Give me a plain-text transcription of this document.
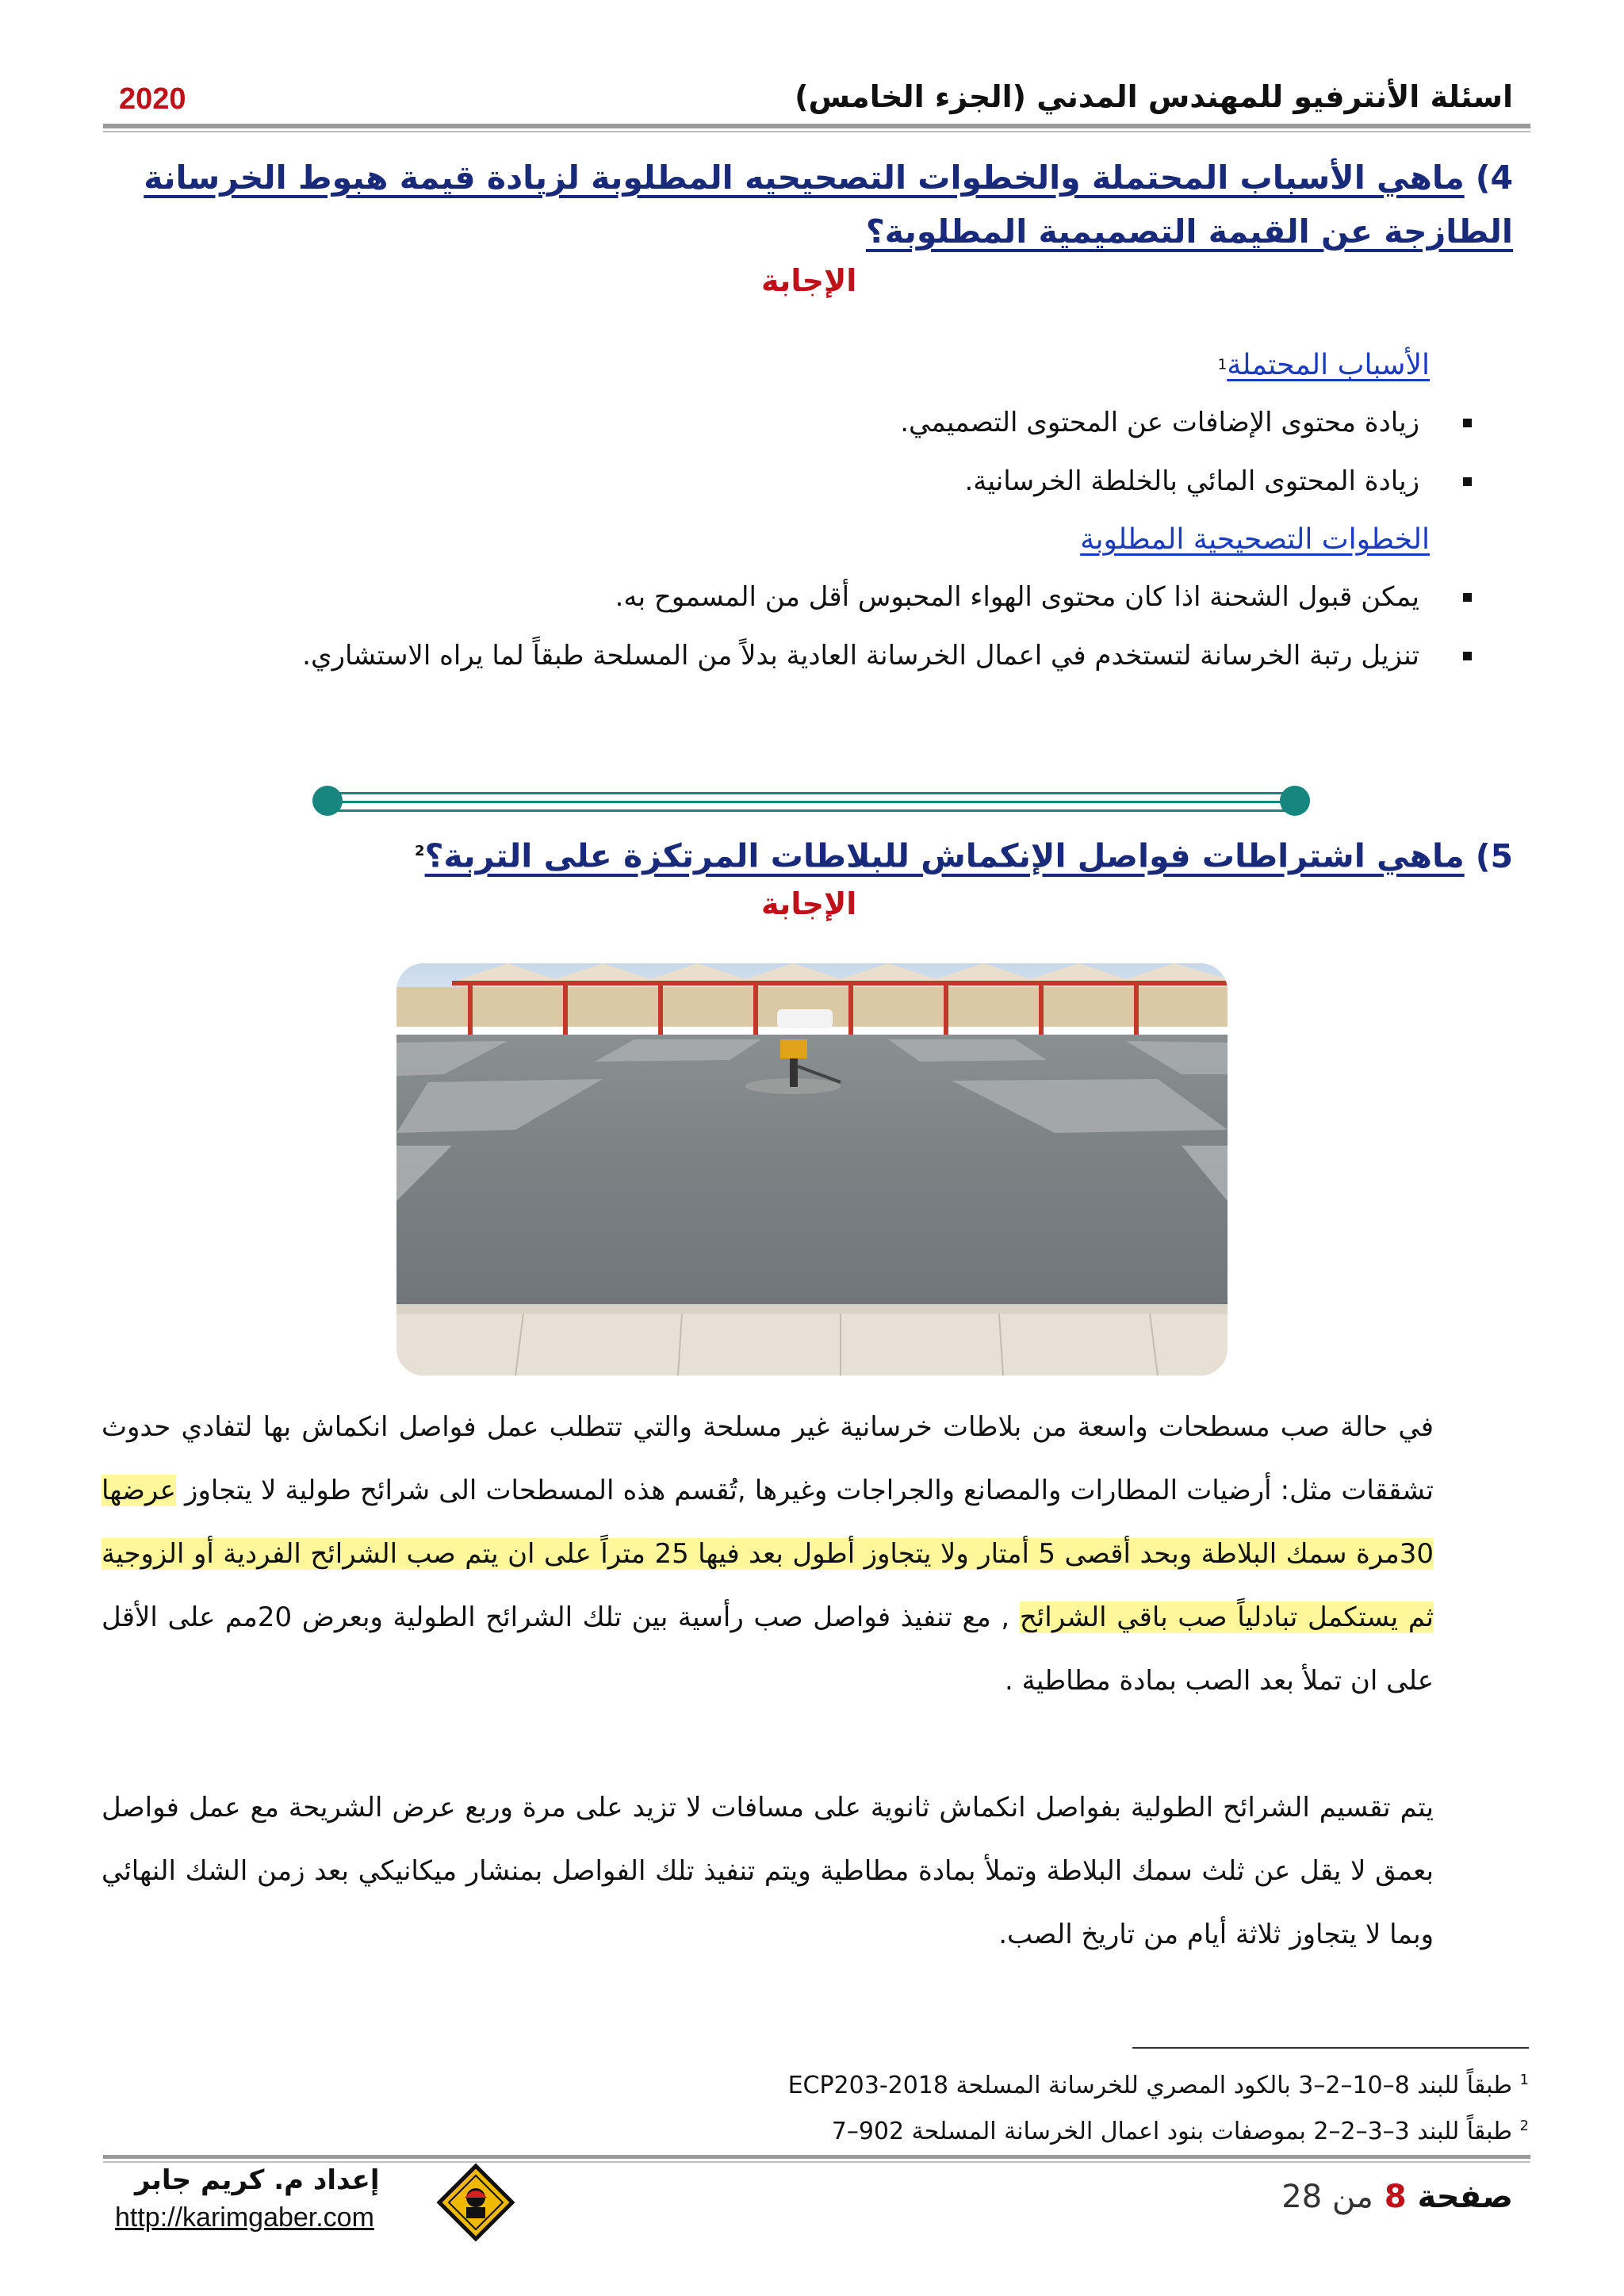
اسئلة الأنترفيو للمهندس المدني (الجزء الخامس)
2020
4)ماهي الأسباب المحتملة والخطوات التصحيحيه المطلوبة لزيادة قيمة هبوط الخرسانة الطازجة عن القيمة التصميمية المطلوبة؟
الإجابة
الأسباب المحتملة1
زيادة محتوى الإضافات عن المحتوى التصميمي.
زيادة المحتوى المائي بالخلطة الخرسانية.
الخطوات التصحيحية المطلوبة
يمكن قبول الشحنة اذا كان محتوى الهواء المحبوس أقل من المسموح به.
تنزيل رتبة الخرسانة لتستخدم في اعمال الخرسانة العادية بدلاً من المسلحة طبقاً لما يراه الاستشاري.
5)ماهي اشتراطات فواصل الإنكماش للبلاطات المرتكزة على التربة؟$^2$
الإجابة

في حالة صب مسطحات واسعة من بلاطات خرسانية غير مسلحة والتي تتطلب عمل فواصل انكماش بها لتفادي حدوث تشققات مثل: أرضيات المطارات والمصانع والجراجات وغيرها ,تُقسم هذه المسطحات الى شرائح طولية لا يتجاوز عرضها 30مرة سمك البلاطة وبحد أقصى 5 أمتار ولا يتجاوز أطول بعد فيها 25 متراً على ان يتم صب الشرائح الفردية أو الزوجية ثم يستكمل تبادلياً صب باقي الشرائح , مع تنفيذ فواصل صب رأسية بين تلك الشرائح الطولية وبعرض 20مم على الأقل على ان تملأ بعد الصب بمادة مطاطية .

يتم تقسيم الشرائح الطولية بفواصل انكماش ثانوية على مسافات لا تزيد على مرة وربع عرض الشريحة مع عمل فواصل بعمق لا يقل عن ثلث سمك البلاطة وتملأ بمادة مطاطية ويتم تنفيذ تلك الفواصل بمنشار ميكانيكي بعد زمن الشك النهائي وبما لا يتجاوز ثلاثة أيام من تاريخ الصب.

$^1$ طبقاً للبند 8–10–2–3 بالكود المصري للخرسانة المسلحة ECP203-2018
$^2$ طبقاً للبند 3–3–2–2 بموصفات بنود اعمال الخرسانة المسلحة 902–7
صفحة 8 من 28
إعداد م. كريم جابر
http://karimgaber.com
